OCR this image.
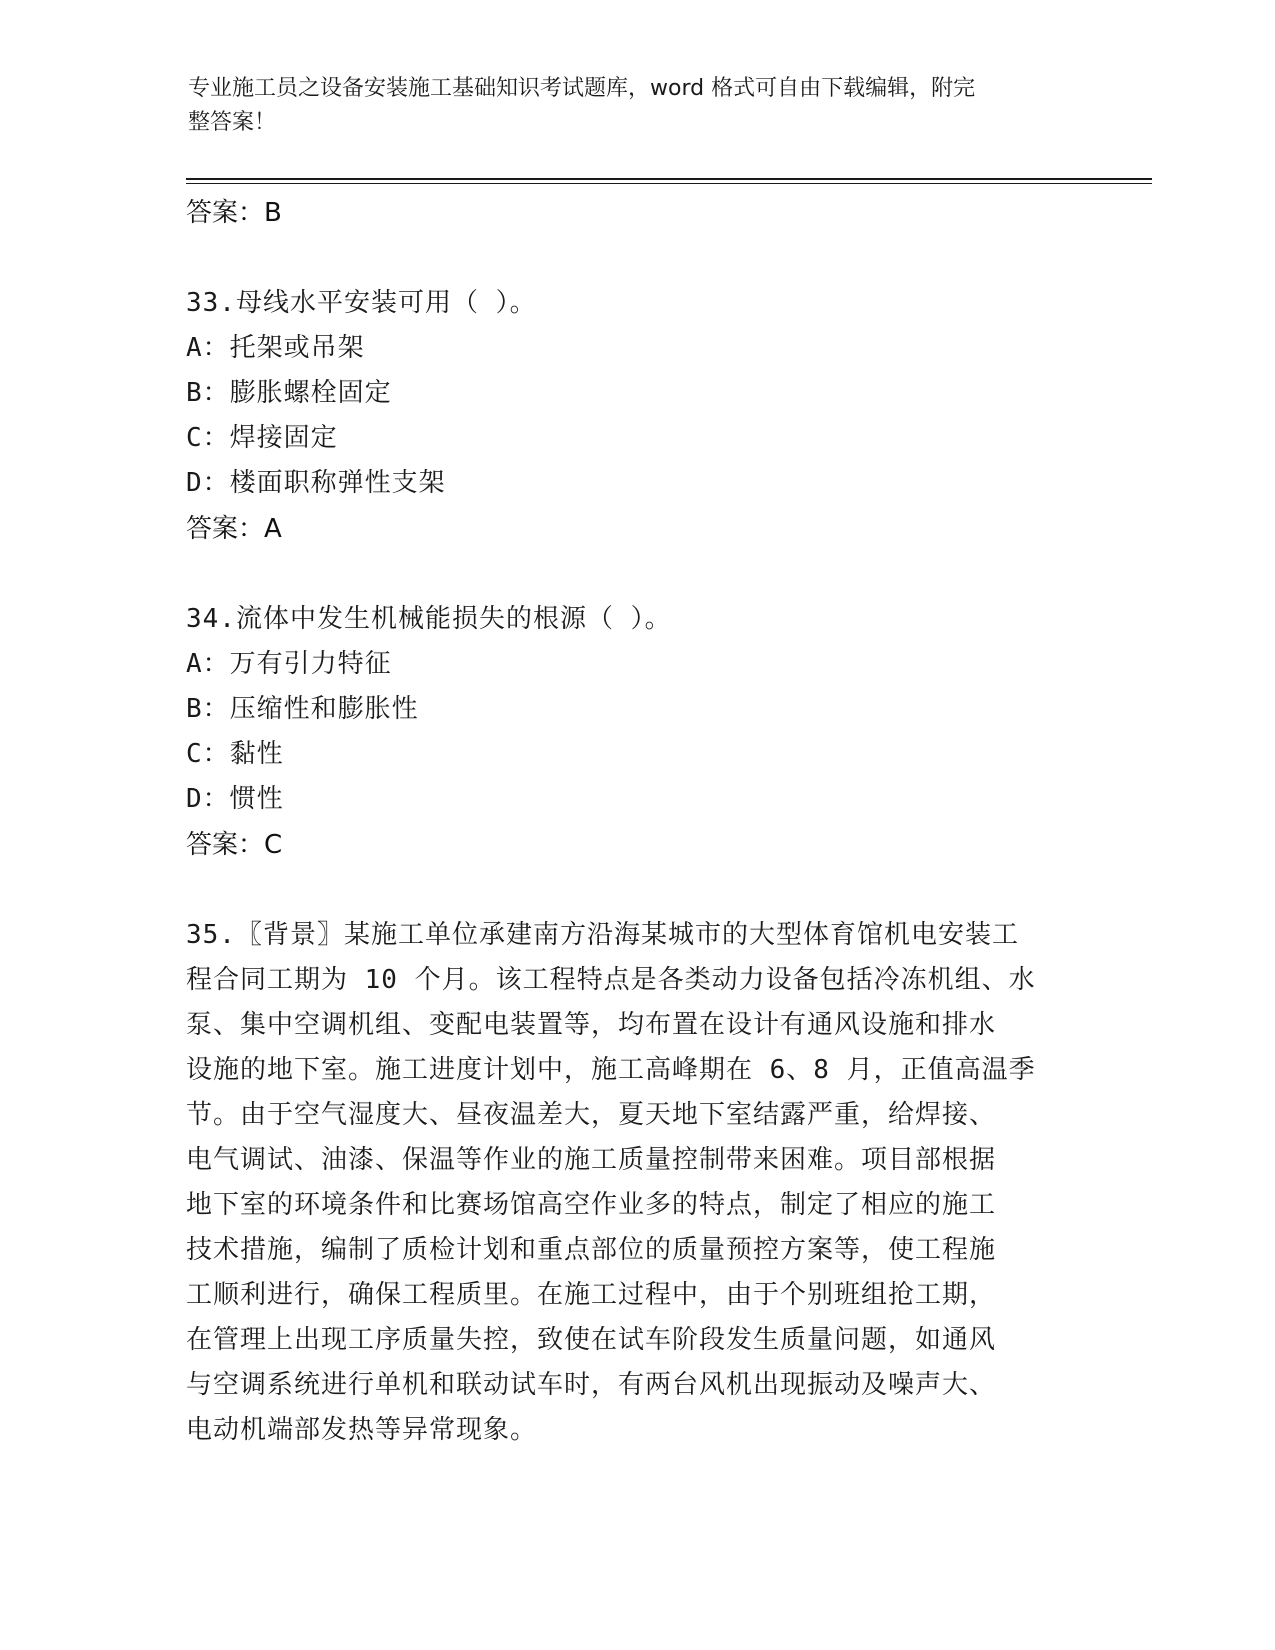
专业施工员之设备安装施工基础知识考试题库，word 格式可自由下载编辑，附完
整答案！
答案：B
33.母线水平安装可用（ ）。
A：托架或吊架
B：膨胀螺栓固定
C：焊接固定
D：楼面职称弹性支架
答案：A
34.流体中发生机械能损失的根源（ ）。
A：万有引力特征
B：压缩性和膨胀性
C：黏性
D：惯性
答案：C
35.〖背景〗某施工单位承建南方沿海某城市的大型体育馆机电安装工
程合同工期为 10 个月。该工程特点是各类动力设备包括冷冻机组、水
泵、集中空调机组、变配电装置等，均布置在设计有通风设施和排水
设施的地下室。施工进度计划中，施工高峰期在 6、8 月，正值高温季
节。由于空气湿度大、昼夜温差大，夏天地下室结露严重，给焊接、
电气调试、油漆、保温等作业的施工质量控制带来困难。项目部根据
地下室的环境条件和比赛场馆高空作业多的特点，制定了相应的施工
技术措施，编制了质检计划和重点部位的质量预控方案等，使工程施
工顺利进行，确保工程质里。在施工过程中，由于个别班组抢工期，
在管理上出现工序质量失控，致使在试车阶段发生质量问题，如通风
与空调系统进行单机和联动试车时，有两台风机出现振动及噪声大、
电动机端部发热等异常现象。
